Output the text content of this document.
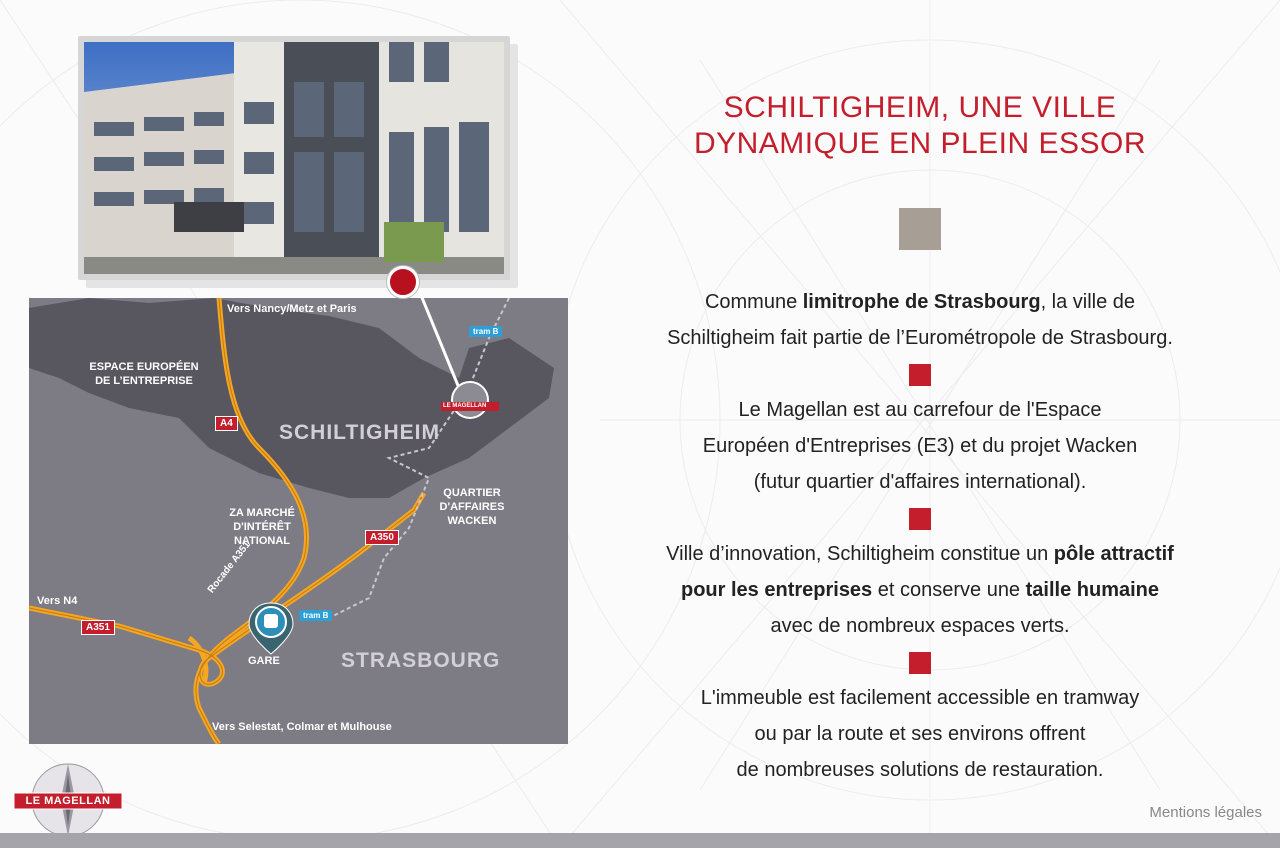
Vers Nancy/Metz et Paris
ESPACE EUROPÉEN
DE L’ENTREPRISE
SCHILTIGHEIM
QUARTIER
D'AFFAIRES
WACKEN
ZA MARCHÉ
D'INTÉRÊT
NATIONAL
Vers N4
GARE	STRASBOURG
Vers Selestat, Colmar et Mulhouse
Rocade A351
A4
A350
A351
tram B
tram B
LE MAGELLAN
SCHILTIGHEIM, UNE VILLE
DYNAMIQUE EN PLEIN ESSOR
Commune limitrophe de Strasbourg, la ville de
Schiltigheim fait partie de l’Eurométropole de Strasbourg.
Le Magellan est au carrefour de l'Espace
Européen d'Entreprises (E3) et du projet Wacken
(futur quartier d'affaires international).
Ville d’innovation, Schiltigheim constitue un pôle attractif
pour les entreprises et conserve une taille humaine
avec de nombreux espaces verts.
L'immeuble est facilement accessible en tramway
ou par la route et ses environs offrent
de nombreuses solutions de restauration.
LE MAGELLAN
Mentions légales
